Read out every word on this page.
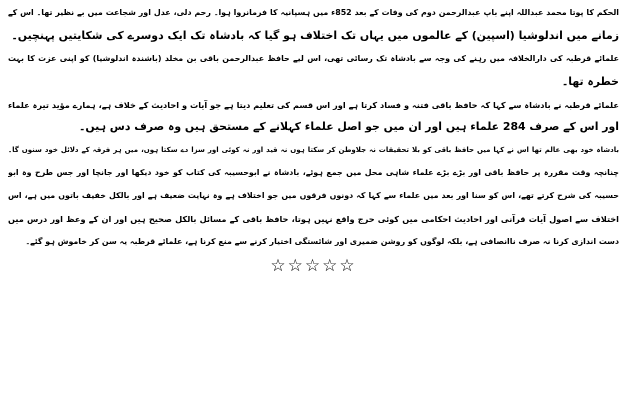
الحکم کا پوتا محمد عبداللہ اپنے باپ عبدالرحمن دوم کی وفات کے بعد 852ء میں ہسپانیہ کا فرمانروا ہوا۔ رحم دلی، عدل اور شجاعت میں بے نظیر تھا۔ اس کے
زمانے میں اندلوشیا (اسپین) کے عالموں میں یہاں تک اختلاف ہو گیا کہ بادشاہ تک ایک دوسرے کی شکایتیں پہنچیں۔
علمائے قرطبہ کی دارالخلافہ میں رہنے کی وجہ سے بادشاہ تک رسائی تھی، اس لیے حافظ عبدالرحمن باقی بن مخلد (باشندہ اندلوشیا) کو اپنی عزت کا بہت
خطرہ تھا۔
علمائے قرطبہ نے بادشاہ سے کہا کہ حافظ باقی فتنہ و فساد کرتا ہے اور اس قسم کی تعلیم دیتا ہے جو آیات و احادیث کے خلاف ہے، ہمارے مؤید تیرہ علماء
اور اس کے صرف 284 علماء ہیں اور ان میں جو اصل علماء کہلانے کے مستحق ہیں وہ صرف دس ہیں۔
بادشاہ خود بھی عالم تھا اس نے کہا میں حافظ باقی کو بلا تحقیقات نہ جلاوطن کر سکتا ہوں نہ قید اور نہ کوئی اور سزا دے سکتا ہوں، میں ہر فرقہ کے دلائل خود سنوں گا۔
چنانچہ وقت مقررہ پر حافظ باقی اور بڑے بڑے علماء شاہی محل میں جمع ہوئے، بادشاہ نے ابوحسیبہ کی کتاب کو خود دیکھا اور جانچا اور جس طرح وہ ابو
حسیبہ کی شرح کرتے تھے، اس کو سنا اور بعد میں علماء سے کہا کہ دونوں فرقوں میں جو اختلاف ہے وہ نہایت ضعیف ہے اور بالکل خفیف باتوں میں ہے، اس
اختلاف سے اصول آیات قرآنی اور احادیث احکامی میں کوئی حرج واقع نہیں ہوتا، حافظ باقی کے مسائل بالکل صحیح ہیں اور ان کے وعظ اور درس میں
دست اندازی کرنا نہ صرف ناانصافی ہے، بلکہ لوگوں کو روشن ضمیری اور شائستگی اختیار کرنے سے منع کرنا ہے، علمائے قرطبہ یہ سن کر خاموش ہو گئے۔
☆☆☆☆☆
